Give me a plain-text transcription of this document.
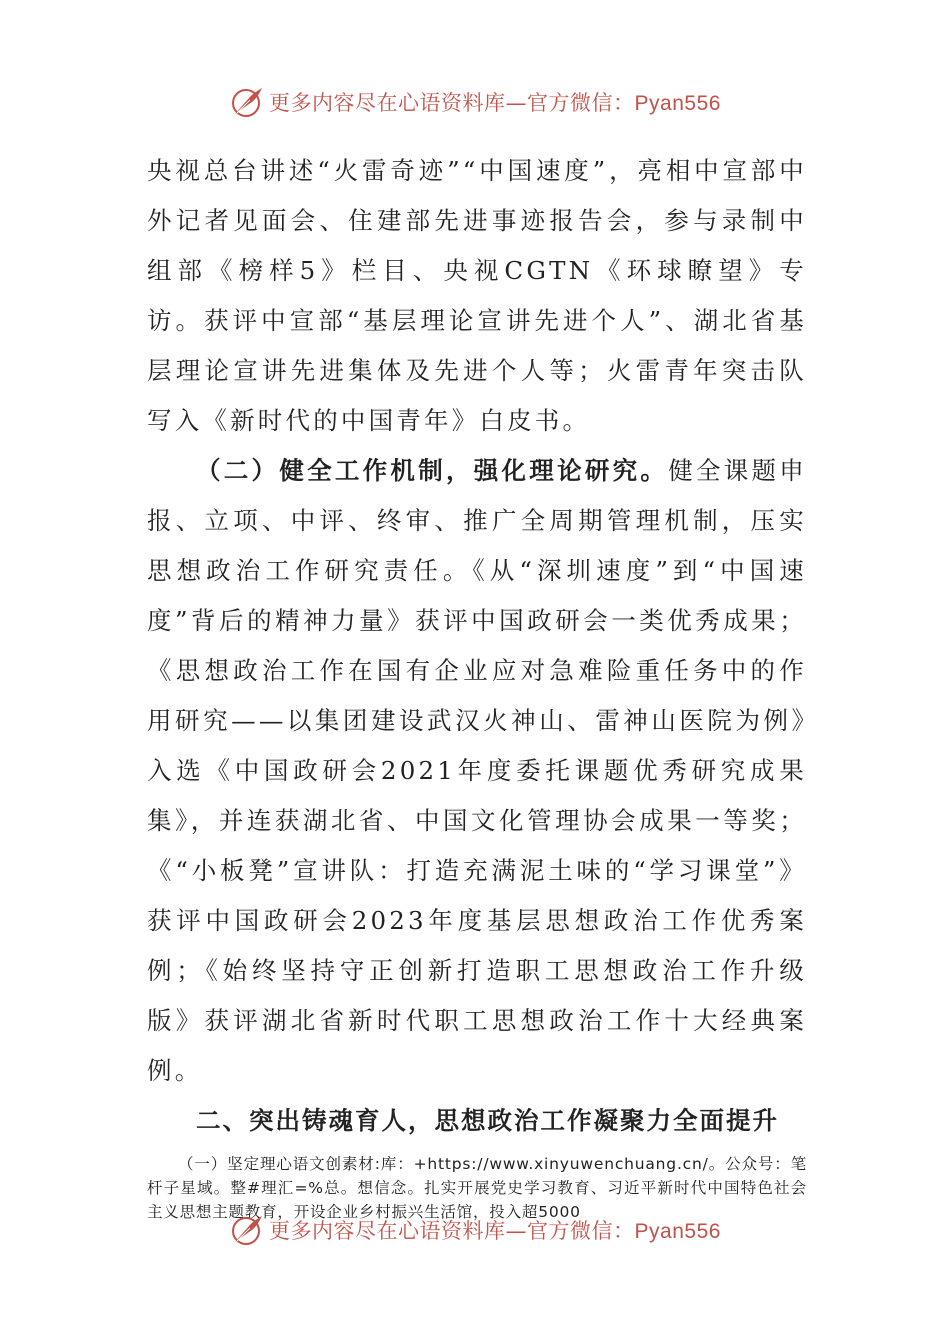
更多内容尽在心语资料库—官方微信：Pyan556

央视总台讲述“火雷奇迹”“中国速度”，亮相中宣部中外记者见面会、住建部先进事迹报告会，参与录制中组部《榜样5》栏目、央视CGTN《环球瞭望》专访。获评中宣部“基层理论宣讲先进个人”、湖北省基层理论宣讲先进集体及先进个人等；火雷青年突击队写入《新时代的中国青年》白皮书。

（二）健全工作机制，强化理论研究。健全课题申报、立项、中评、终审、推广全周期管理机制，压实思想政治工作研究责任。《从“深圳速度”到“中国速度”背后的精神力量》获评中国政研会一类优秀成果；《思想政治工作在国有企业应对急难险重任务中的作用研究——以集团建设武汉火神山、雷神山医院为例》入选《中国政研会2021年度委托课题优秀研究成果集》，并连获湖北省、中国文化管理协会成果一等奖；《“小板凳”宣讲队：打造充满泥土味的“学习课堂”》获评中国政研会2023年度基层思想政治工作优秀案例；《始终坚持守正创新打造职工思想政治工作升级版》获评湖北省新时代职工思想政治工作十大经典案例。

二、突出铸魂育人，思想政治工作凝聚力全面提升

（一）坚定理心语文创素材:库：+https://www.xinyuwenchuang.cn/。公众号：笔杆子星域。整#理汇=%总。想信念。扎实开展党史学习教育、习近平新时代中国特色社会主义思想主题教育，开设企业乡村振兴生活馆，投入超5000

更多内容尽在心语资料库—官方微信：Pyan556
